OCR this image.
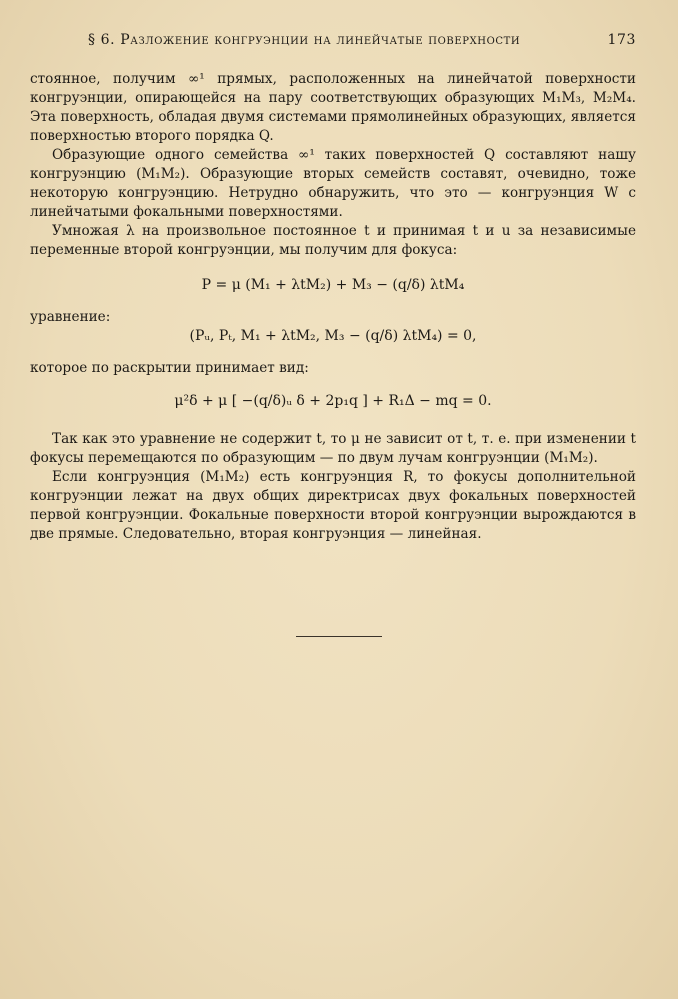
§ 6. Разложение конгруэнции на линейчатые поверхности	173

стоянное, получим ∞¹ прямых, расположенных на линейчатой поверхности конгруэнции, опирающейся на пару соответствующих образующих M₁M₃, M₂M₄. Эта поверхность, обладая двумя системами прямолинейных образующих, является поверхностью второго порядка Q.

Образующие одного семейства ∞¹ таких поверхностей Q составляют нашу конгруэнцию (M₁M₂). Образующие вторых семейств составят, очевидно, тоже некоторую конгруэнцию. Нетрудно обнаружить, что это — конгруэнция W с линейчатыми фокальными поверхностями.

Умножая λ на произвольное постоянное t и принимая t и u за независимые переменные второй конгруэнции, мы получим для фокуса:

P = μ (M₁ + λtM₂) + M₃ − (q/δ) λtM₄

уравнение:

(Pᵤ, Pₜ, M₁ + λtM₂, M₃ − (q/δ) λtM₄) = 0,

которое по раскрытии принимает вид:

μ²δ + μ [ −(q/δ)ᵤ δ + 2p₁q ] + R₁Δ − mq = 0.

Так как это уравнение не содержит t, то μ не зависит от t, т. е. при изменении t фокусы перемещаются по образующим — по двум лучам конгруэнции (M₁M₂).

Если конгруэнция (M₁M₂) есть конгруэнция R, то фокусы дополнительной конгруэнции лежат на двух общих директрисах двух фокальных поверхностей первой конгруэнции. Фокальные поверхности второй конгруэнции вырождаются в две прямые. Следовательно, вторая конгруэнция — линейная.
